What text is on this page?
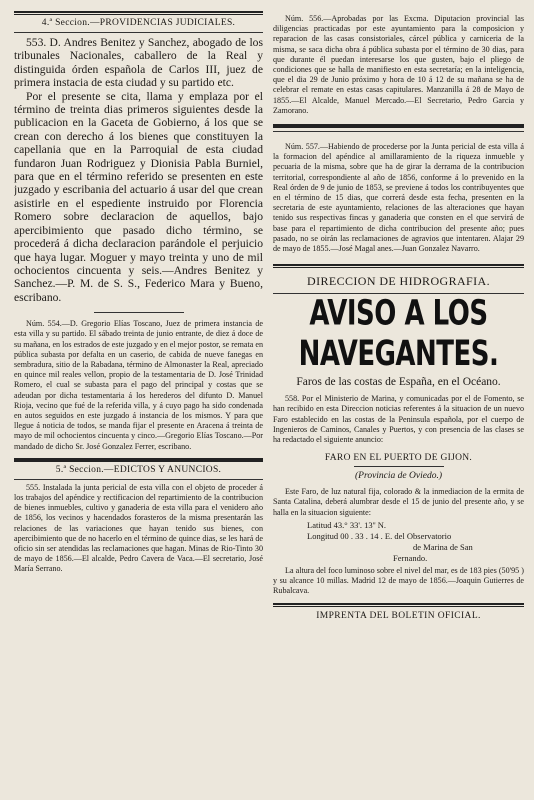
4.ª Seccion.—PROVIDENCIAS JUDICIALES.

553. D. Andres Benitez y Sanchez, abogado de los tribunales Nacionales, caballero de la Real y distinguida órden española de Carlos III, juez de primera instacia de esta ciudad y su partido etc.

Por el presente se cita, llama y emplaza por el término de treinta dias primeros siguientes desde la publicacion en la Gaceta de Gobierno, á los que se crean con derecho á los bienes que constituyen la capellania que en la Parroquial de esta ciudad fundaron Juan Rodriguez y Dionisia Pabla Burniel, para que en el término referido se presenten en este juzgado y escribania del actuario á usar del que crean asistirle en el espediente instruido por Florencia Romero sobre declaracion de aquellos, bajo apercibimiento que pasado dicho término, se procederá á dicha declaracion parándole el perjuicio que haya lugar. Moguer y mayo treinta y uno de mil ochocientos cincuenta y seis.—Andres Benitez y Sanchez.—P. M. de S. S., Federico Mara y Bueno, escribano.

Núm. 554.—D. Gregorio Elías Toscano, Juez de primera instancia de esta villa y su partido. El sábado treinta de junio entrante, de diez á doce de su mañana, en los estrados de este juzgado y en el mejor postor, se remata en pública subasta por defalta en un caserio, de cabida de nueve fanegas en sembradura, sitio de la Rabadana, término de Almonaster la Real, apreciado en quince mil reales vellon, propio de la testamentaria de D. José Trinidad Romero, el cual se subasta para el pago del principal y costas que se adeudan por dicha testamentaria á los herederos del difunto D. Manuel Rioja, vecino que fué de la referida villa, y á cuyo pago ha sido condenada en autos seguidos en este juzgado á instancia de los mismos. Y para que llegue á noticia de todos, se manda fijar el presente en Aracena á treinta de mayo de mil ochocientos cincuenta y cinco.—Gregorio Elías Toscano.—Por mandado de dicho Sr. José Gonzalez Ferrer, escribano.

5.ª Seccion.—EDICTOS Y ANUNCIOS.

555. Instalada la junta pericial de esta villa con el objeto de proceder á los trabajos del apéndice y rectificacion del repartimiento de la contribucion de bienes inmuebles, cultivo y ganaderia de esta villa para el venidero año de 1856, los vecinos y hacendados forasteros de la misma presentarán las relaciones de las variaciones que hayan tenido sus bienes, con apercibimiento que de no hacerlo en el término de quince dias, se les hará de oficio sin ser atendidas las reclamaciones que hagan. Minas de Rio-Tinto 30 de mayo de 1856.—El alcalde, Pedro Cavera de Vaca.—El secretario, José María Serrano.

Núm. 556.—Aprobadas por las Excma. Diputacion provincial las diligencias practicadas por este ayuntamiento para la composicion y reparacion de las casas consistoriales, cárcel pública y carniceria de la misma, se saca dicha obra á pública subasta por el término de 30 dias, para que durante él puedan interesarse los que gusten, bajo el pliego de condiciones que se halla de manifiesto en esta secretaría; en la inteligencia, que el dia 29 de Junio próximo y hora de 10 á 12 de su mañana se ha de celebrar el remate en estas casas capitulares. Manzanilla á 28 de Mayo de 1855.—El Alcalde, Manuel Mercado.—El Secretario, Pedro Garcia y Zamorano.

Núm. 557.—Habiendo de procederse por la Junta pericial de esta villa á la formacion del apéndice al amillaramiento de la riqueza inmueble y pecuaria de la misma, sobre que ha de girar la derrama de la contribucion territorial, correspondiente al año de 1856, conforme á lo prevenido en la Real órden de 9 de junio de 1853, se previene á todos los contribuyentes que en el término de 15 dias, que correrá desde esta fecha, presenten en la secretaria de este ayuntamiento, relaciones de las alteraciones que hayan tenido sus respectivas fincas y ganaderia que consten en el que servirá de base para el repartimiento de dicha contribucion del presente año; pues pasado, no se oirán las reclamaciones de agravios que intentaren. Alajar 29 de mayo de 1855.—José Magal anes.—Juan Gonzalez Navarro.

DIRECCION DE HIDROGRAFIA.
AVISO A LOS NAVEGANTES.
Faros de las costas de España, en el Océano.

558. Por el Ministerio de Marina, y comunicadas por el de Fomento, se han recibido en esta Direccion noticias referentes á la situacion de un nuevo Faro establecido en las costas de la Peninsula española, por el cuerpo de Ingenieros de Caminos, Canales y Puertos, y con presencia de las clases se ha redactado el siguiente anuncio:

FARO EN EL PUERTO DE GIJON.
(Provincia de Oviedo.)

Este Faro, de luz natural fija, colorado & la inmediacion de la ermita de Santa Catalina, deberá alumbrar desde el 15 de junio del presente año, y se halla en la situacion siguiente:

Latitud 43.° 33'. 13'' N.
Longitud 00 . 33 . 14 . E. del Observatorio
de Marina de San
Fernando.

La altura del foco luminoso sobre el nivel del mar, es de 183 pies (50'95 ) y su alcance 10 millas. Madrid 12 de mayo de 1856.—Joaquin Gutierres de Rubalcava.

IMPRENTA DEL BOLETIN OFICIAL.
